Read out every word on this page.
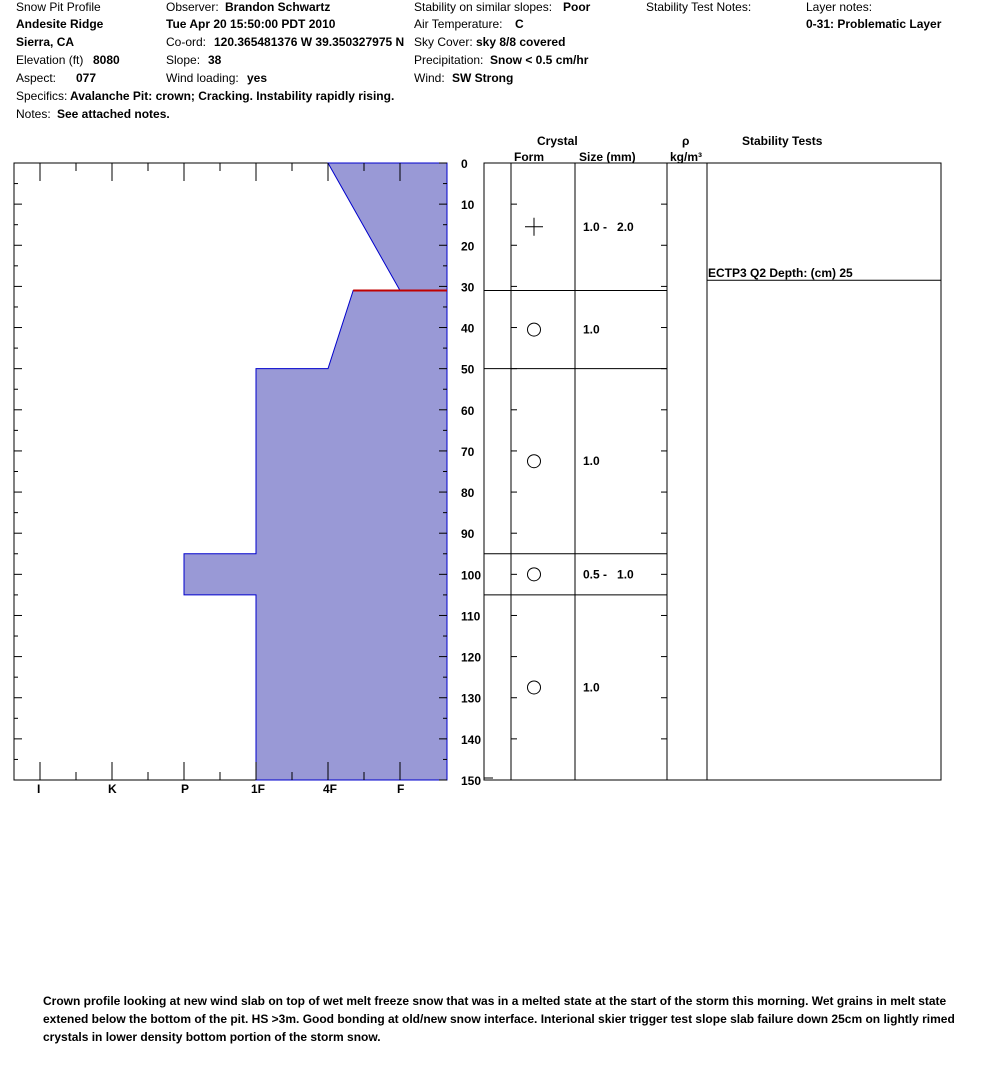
Snow Pit Profile
Andesite Ridge
Sierra, CA
Elevation (ft) 8080
Aspect: 077
Specifics: Avalanche Pit: crown; Cracking. Instability rapidly rising.
Notes: See attached notes.
Observer: Brandon Schwartz
Tue Apr 20 15:50:00 PDT 2010
Co-ord: 120.365481376 W 39.350327975 N
Slope: 38
Wind loading: yes
Stability on similar slopes: Poor
Air Temperature: C
Sky Cover: sky 8/8 covered
Precipitation: Snow < 0.5 cm/hr
Wind: SW Strong
Stability Test Notes:	Layer notes:
0-31: Problematic Layer
Crystal
Form	Size (mm)
ρ
kg/m³
Stability Tests
1.0 -   2.0
1.0
1.0
0.5 -   1.0
1.0
ECTP3 Q2 Depth: (cm) 25
I	K	P	1F	4F	F
0
10
20
30
40
50
60
70
80
90
100
110
120
130
140
150
Crown profile looking at new wind slab on top of wet melt freeze snow that was in a melted state at the start of the storm this morning. Wet grains in melt state
extened below the bottom of the pit. HS >3m. Good bonding at old/new snow interface. Interional skier trigger test slope slab failure down 25cm on lightly rimed
crystals in lower density bottom portion of the storm snow.
